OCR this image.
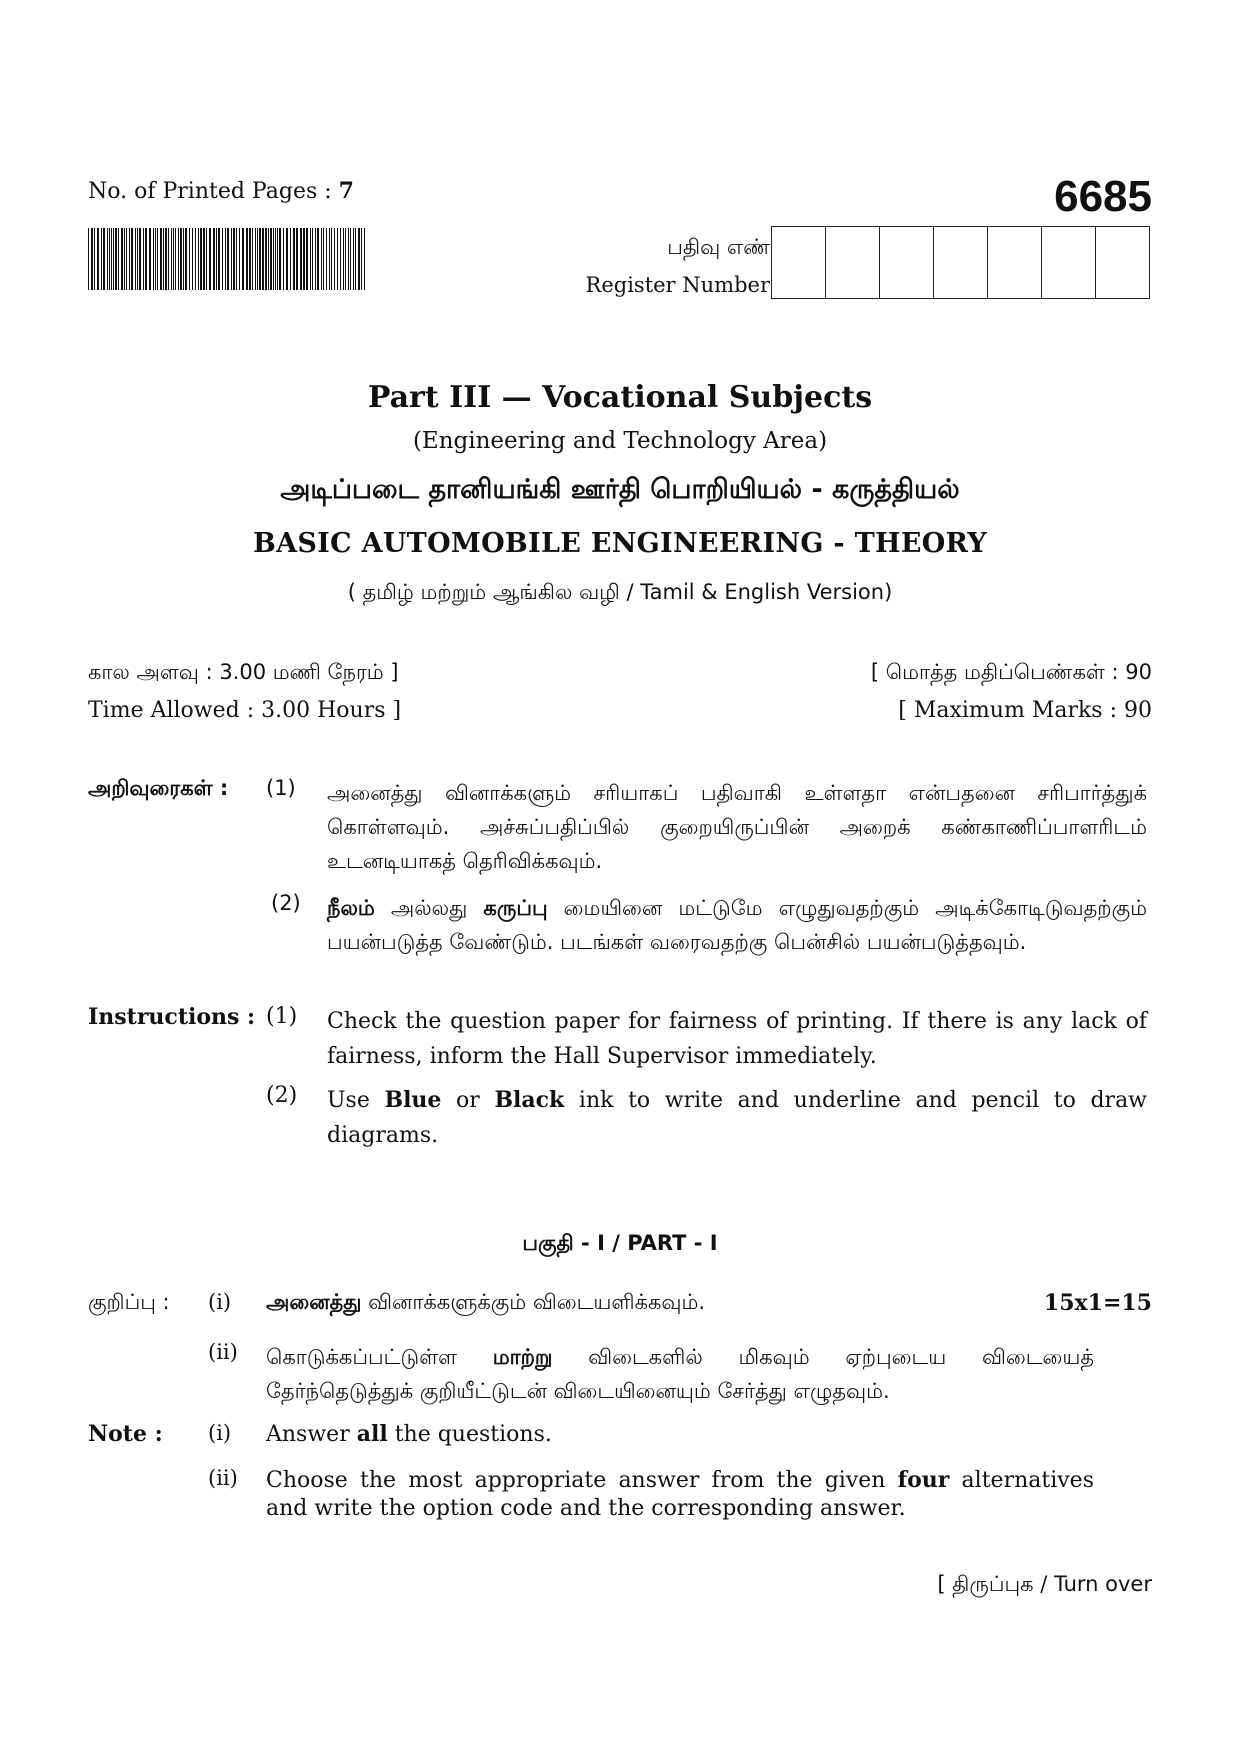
No. of Printed Pages : 7	6685
பதிவு எண்
Register Number
Part III — Vocational Subjects
(Engineering and Technology Area)
அடிப்படை தானியங்கி ஊர்தி பொறியியல் - கருத்தியல்
BASIC AUTOMOBILE ENGINEERING - THEORY
( தமிழ் மற்றும் ஆங்கில வழி / Tamil & English Version)
கால அளவு : 3.00 மணி நேரம் ]	[ மொத்த மதிப்பெண்கள் : 90
Time Allowed : 3.00 Hours ]	[ Maximum Marks : 90
அறிவுரைகள் : (1) அனைத்து வினாக்களும் சரியாகப் பதிவாகி உள்ளதா என்பதனை சரிபார்த்துக் கொள்ளவும். அச்சுப்பதிப்பில் குறையிருப்பின் அறைக் கண்காணிப்பாளரிடம் உடனடியாகத் தெரிவிக்கவும்.
(2) நீலம் அல்லது கருப்பு மையினை மட்டுமே எழுதுவதற்கும் அடிக்கோடிடுவதற்கும் பயன்படுத்த வேண்டும். படங்கள் வரைவதற்கு பென்சில் பயன்படுத்தவும்.
Instructions : (1) Check the question paper for fairness of printing. If there is any lack of fairness, inform the Hall Supervisor immediately.
(2) Use Blue or Black ink to write and underline and pencil to draw diagrams.
பகுதி - I / PART - I
குறிப்பு : (i) அனைத்து வினாக்களுக்கும் விடையளிக்கவும்.	15x1=15
(ii) கொடுக்கப்பட்டுள்ள மாற்று விடைகளில் மிகவும் ஏற்புடைய விடையைத் தேர்ந்தெடுத்துக் குறியீட்டுடன் விடையினையும் சேர்த்து எழுதவும்.
Note : (i) Answer all the questions.
(ii) Choose the most appropriate answer from the given four alternatives and write the option code and the corresponding answer.
[ திருப்புக / Turn over
